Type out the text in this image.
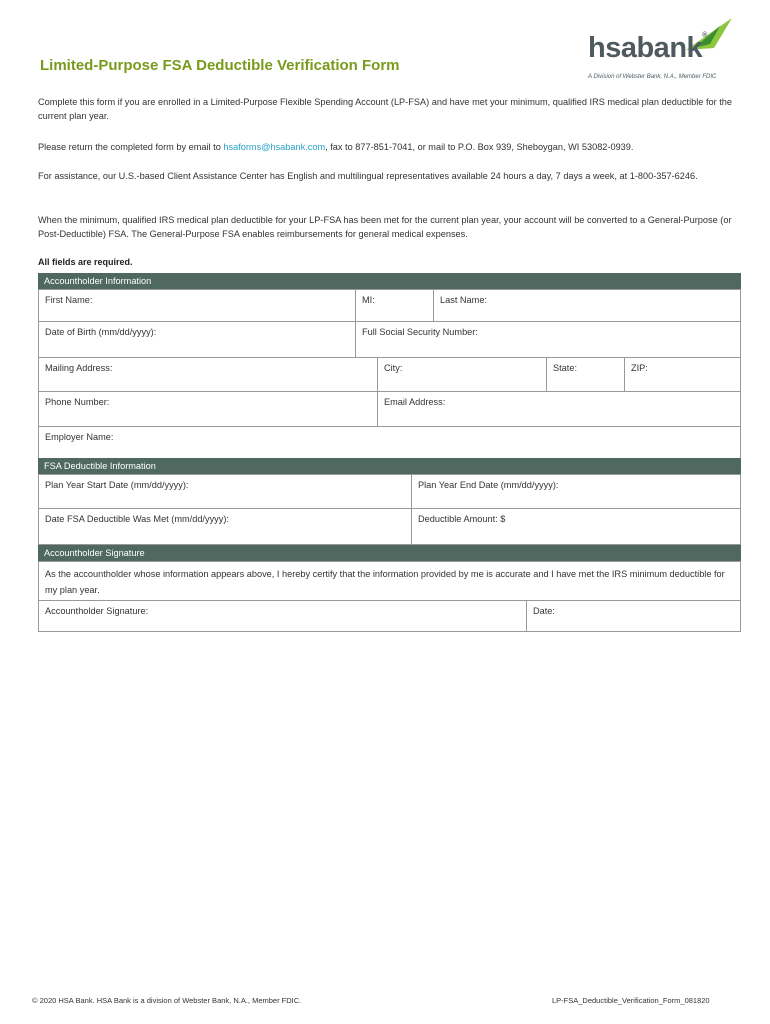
Limited-Purpose FSA Deductible Verification Form
hsabank®
A Division of Webster Bank, N.A., Member FDIC
Complete this form if you are enrolled in a Limited-Purpose Flexible Spending Account (LP-FSA) and have met your minimum, qualified IRS medical plan deductible for the current plan year.
Please return the completed form by email to hsaforms@hsabank.com, fax to 877-851-7041, or mail to P.O. Box 939, Sheboygan, WI 53082-0939.
For assistance, our U.S.-based Client Assistance Center has English and multilingual representatives available 24 hours a day, 7 days a week, at 1-800-357-6246.
When the minimum, qualified IRS medical plan deductible for your LP-FSA has been met for the current plan year, your account will be converted to a General-Purpose (or Post-Deductible) FSA. The General-Purpose FSA enables reimbursements for general medical expenses.
All fields are required.
Accountholder Information
First Name:	MI:	Last Name:
Date of Birth (mm/dd/yyyy):	Full Social Security Number:
Mailing Address:	City:	State:	ZIP:
Phone Number:	Email Address:
Employer Name:
FSA Deductible Information
Plan Year Start Date (mm/dd/yyyy):	Plan Year End Date (mm/dd/yyyy):
Date FSA Deductible Was Met (mm/dd/yyyy):	Deductible Amount: $
Accountholder Signature
As the accountholder whose information appears above, I hereby certify that the information provided by me is accurate and I have met the IRS minimum deductible for my plan year.
Accountholder Signature:	Date:
© 2020 HSA Bank. HSA Bank is a division of Webster Bank, N.A., Member FDIC.	LP-FSA_Deductible_Verification_Form_081820
